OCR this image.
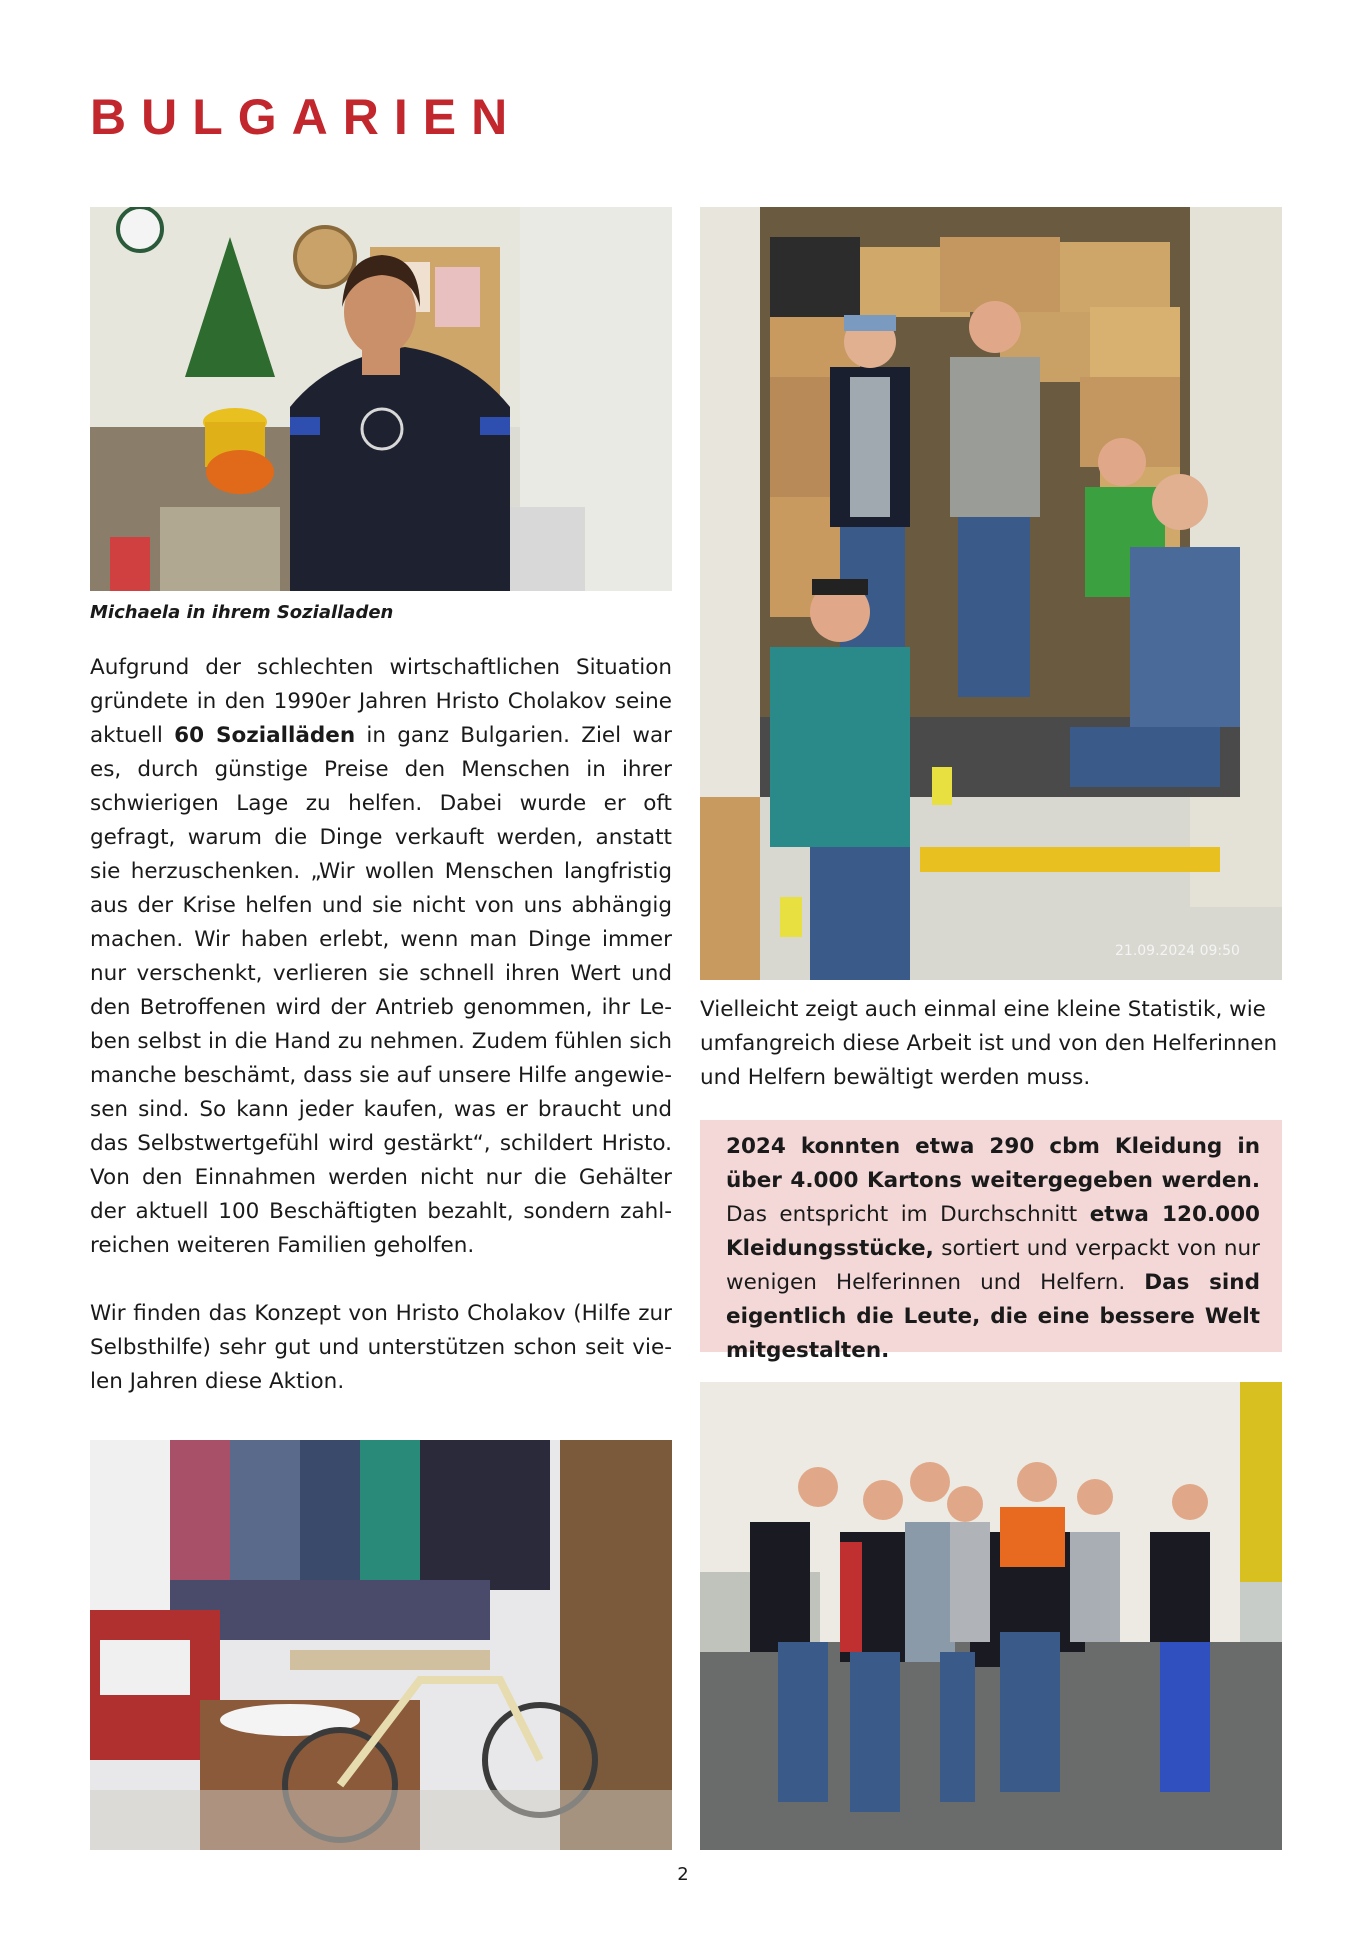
BULGARIEN

Michaela in ihrem Sozialladen

21.09.2024 09:50

Aufgrund der schlechten wirtschaftlichen Situation gründete in den 1990er Jahren Hristo Cholakov seine aktuell 60 Sozialläden in ganz Bulgarien. Ziel war es, durch günstige Preise den Menschen in ihrer schwierigen Lage zu helfen. Dabei wurde er oft gefragt, warum die Dinge verkauft werden, anstatt sie herzuschenken. „Wir wollen Menschen langfristig aus der Krise helfen und sie nicht von uns abhängig machen. Wir haben erlebt, wenn man Dinge immer nur verschenkt, verlieren sie schnell ihren Wert und den Betroffenen wird der Antrieb genommen, ihr Leben selbst in die Hand zu nehmen. Zudem fühlen sich manche beschämt, dass sie auf unsere Hilfe angewiesen sind. So kann jeder kaufen, was er braucht und das Selbstwertgefühl wird gestärkt“, schildert Hristo. Von den Einnahmen werden nicht nur die Gehälter der aktuell 100 Beschäftigten bezahlt, sondern zahlreichen weiteren Familien geholfen.

Wir finden das Konzept von Hristo Cholakov (Hilfe zur Selbsthilfe) sehr gut und unterstützen schon seit vielen Jahren diese Aktion.

Vielleicht zeigt auch einmal eine kleine Statistik, wie umfangreich diese Arbeit ist und von den Helferinnen und Helfern bewältigt werden muss.

2024 konnten etwa 290 cbm Kleidung in über 4.000 Kartons weitergegeben werden. Das entspricht im Durchschnitt etwa 120.000 Kleidungsstücke, sortiert und verpackt von nur wenigen Helferinnen und Helfern. Das sind eigentlich die Leute, die eine bessere Welt mitgestalten.

2
